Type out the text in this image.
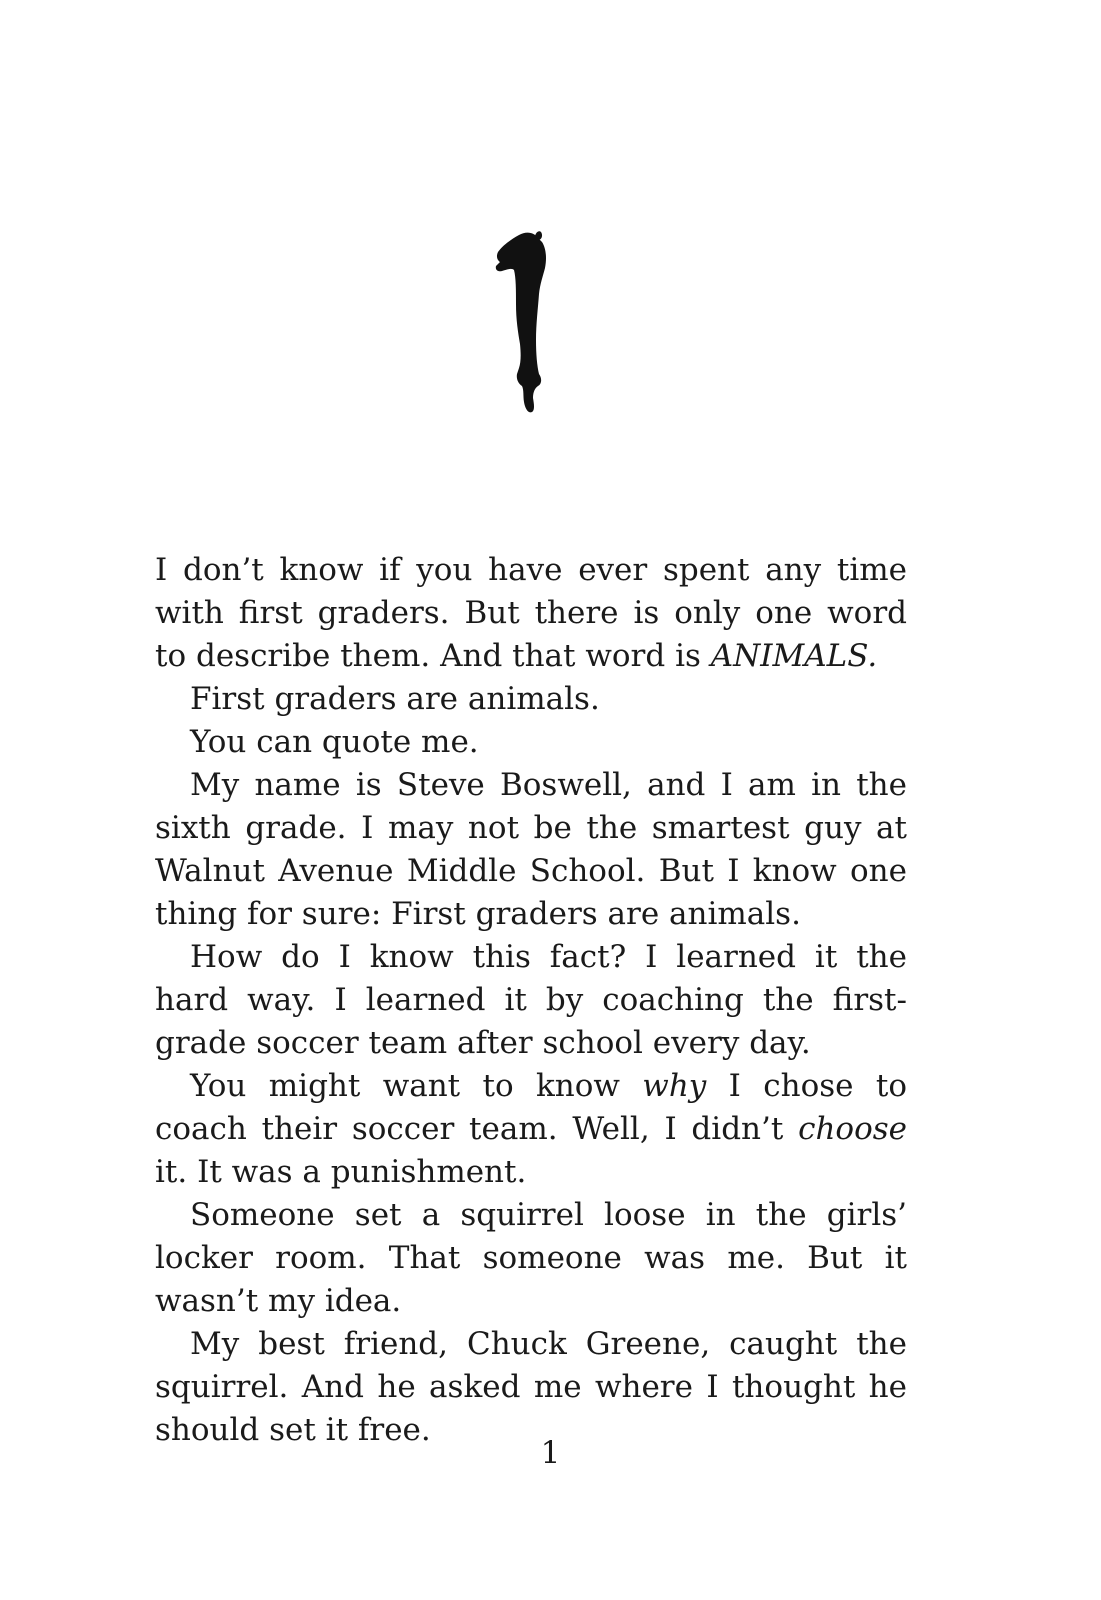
I don’t know if you have ever spent any time with first graders. But there is only one word to describe them. And that word is ANIMALS.

First graders are animals.

You can quote me.

My name is Steve Boswell, and I am in the sixth grade. I may not be the smartest guy at Walnut Avenue Middle School. But I know one thing for sure: First graders are animals.

How do I know this fact? I learned it the hard way. I learned it by coaching the first-grade soccer team after school every day.

You might want to know why I chose to coach their soccer team. Well, I didn’t choose it. It was a punishment.

Someone set a squirrel loose in the girls’ locker room. That someone was me. But it wasn’t my idea.

My best friend, Chuck Greene, caught the squirrel. And he asked me where I thought he should set it free.

1
